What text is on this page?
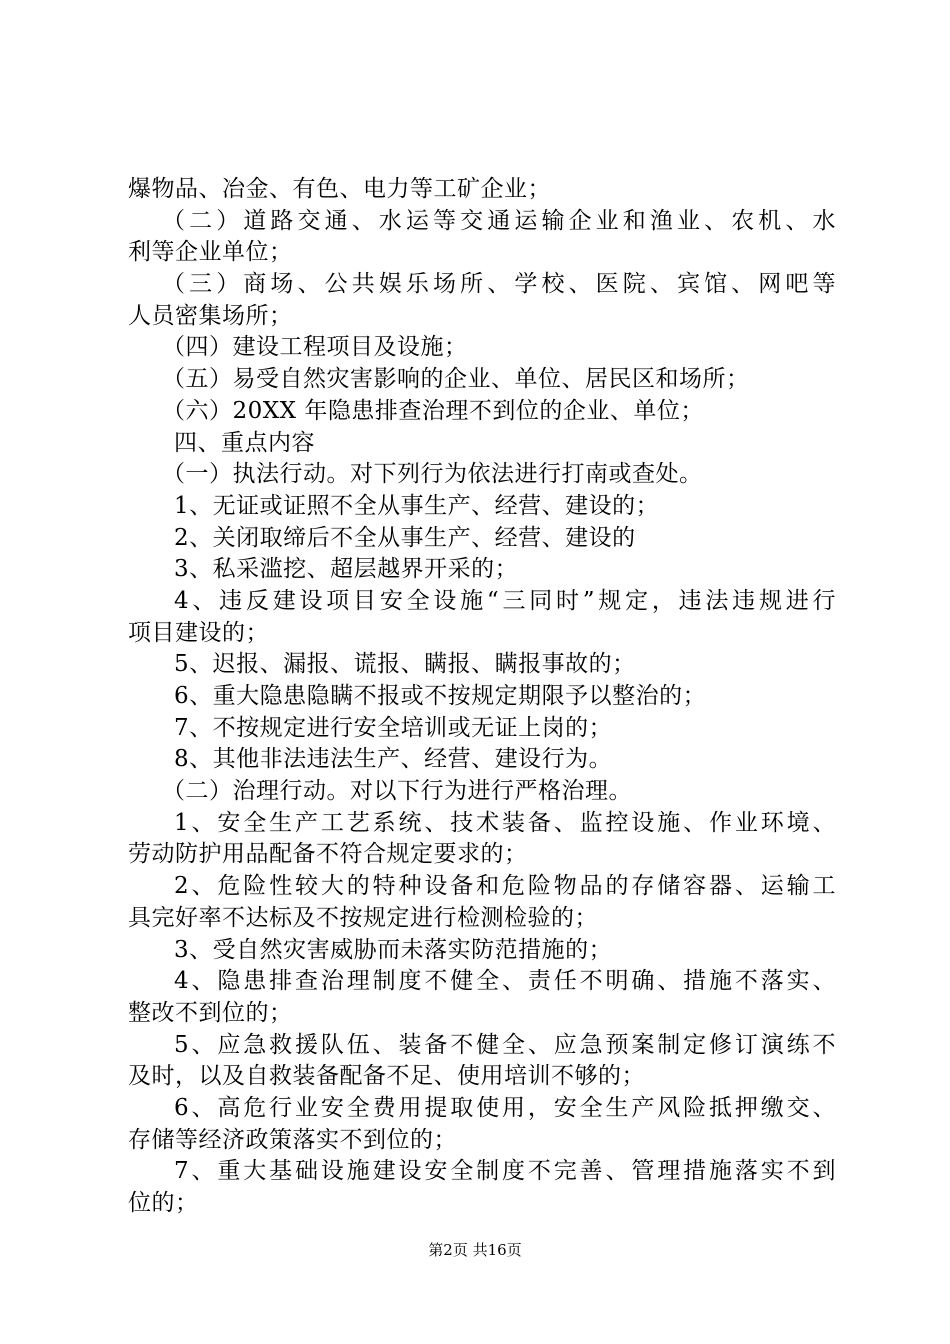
爆物品、冶金、有色、电力等工矿企业；
（二）道路交通、水运等交通运输企业和渔业、农机、水
利等企业单位；
（三）商场、公共娱乐场所、学校、医院、宾馆、网吧等
人员密集场所；
（四）建设工程项目及设施；
（五）易受自然灾害影响的企业、单位、居民区和场所；
（六）20XX 年隐患排查治理不到位的企业、单位；
四、重点内容
（一）执法行动。对下列行为依法进行打南或查处。
1、无证或证照不全从事生产、经营、建设的；
2、关闭取缔后不全从事生产、经营、建设的
3、私采滥挖、超层越界开采的；
4、违反建设项目安全设施“三同时”规定，违法违规进行
项目建设的；
5、迟报、漏报、谎报、瞒报、瞒报事故的；
6、重大隐患隐瞒不报或不按规定期限予以整治的；
7、不按规定进行安全培训或无证上岗的；
8、其他非法违法生产、经营、建设行为。
（二）治理行动。对以下行为进行严格治理。
1、安全生产工艺系统、技术装备、监控设施、作业环境、
劳动防护用品配备不符合规定要求的；
2、危险性较大的特种设备和危险物品的存储容器、运输工
具完好率不达标及不按规定进行检测检验的；
3、受自然灾害威胁而未落实防范措施的；
4、隐患排查治理制度不健全、责任不明确、措施不落实、
整改不到位的；
5、应急救援队伍、装备不健全、应急预案制定修订演练不
及时，以及自救装备配备不足、使用培训不够的；
6、高危行业安全费用提取使用，安全生产风险抵押缴交、
存储等经济政策落实不到位的；
7、重大基础设施建设安全制度不完善、管理措施落实不到
位的；
第2页 共16页
